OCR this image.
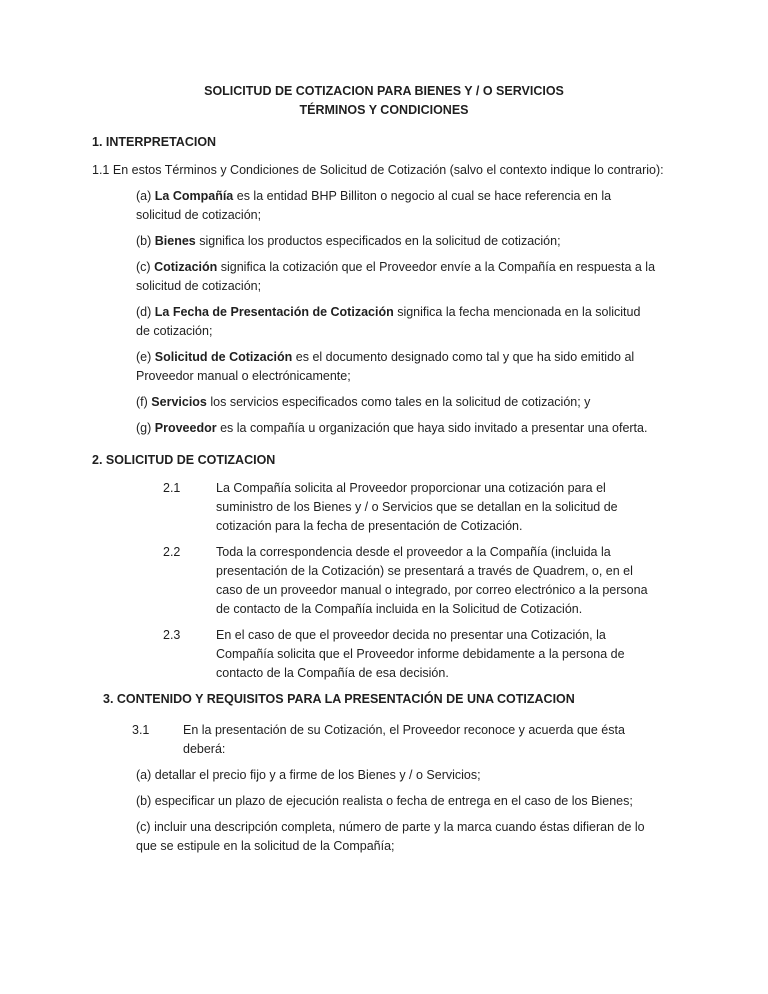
SOLICITUD DE COTIZACION PARA BIENES Y / O SERVICIOS
TÉRMINOS Y CONDICIONES
1. INTERPRETACION

1.1 En estos Términos y Condiciones de Solicitud de Cotización (salvo el contexto indique lo contrario):

(a) La Compañía es la entidad BHP Billiton o negocio al cual se hace referencia en la solicitud de cotización;

(b) Bienes significa los productos especificados en la solicitud de cotización;

(c) Cotización significa la cotización que el Proveedor envíe a la Compañía en respuesta a la solicitud de cotización;

(d) La Fecha de Presentación de Cotización significa la fecha mencionada en la solicitud de cotización;

(e) Solicitud de Cotización es el documento designado como tal y que ha sido emitido al Proveedor manual o electrónicamente;

(f) Servicios los servicios especificados como tales en la solicitud de cotización; y

(g) Proveedor es la compañía u organización que haya sido invitado a presentar una oferta.

2. SOLICITUD DE COTIZACION
2.1	La Compañía solicita al Proveedor proporcionar una cotización para el suministro de los Bienes y / o Servicios que se detallan en la solicitud de cotización para la fecha de presentación de Cotización.
2.2	Toda la correspondencia desde el proveedor a la Compañía (incluida la presentación de la Cotización) se presentará a través de Quadrem, o, en el caso de un proveedor manual o integrado, por correo electrónico a la persona de contacto de la Compañía incluida en la Solicitud de Cotización.
2.3	En el caso de que el proveedor decida no presentar una Cotización, la Compañía solicita que el Proveedor informe debidamente a la persona de contacto de la Compañía de esa decisión.
3. CONTENIDO Y REQUISITOS PARA LA PRESENTACIÓN DE UNA COTIZACION
3.1	En la presentación de su Cotización, el Proveedor reconoce y acuerda que ésta deberá:

(a) detallar el precio fijo y a firme de los Bienes y / o Servicios;

(b) especificar un plazo de ejecución realista o fecha de entrega en el caso de los Bienes;

(c) incluir una descripción completa, número de parte y la marca cuando éstas difieran de lo que se estipule en la solicitud de la Compañía;
